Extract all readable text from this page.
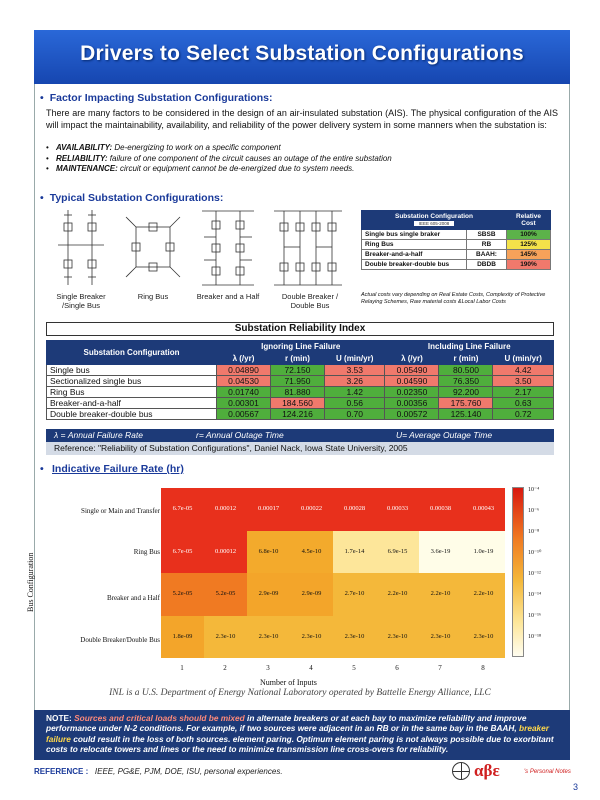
Drivers to Select Substation Configurations
• Factor Impacting Substation Configurations:
There are many factors to be considered in the design of an air-insulated substation (AIS). The physical configuration of the AIS will impact the maintainability, availability, and reliability of the power delivery system in some manners when the substation is:
• AVAILABILITY: De-energizing to work on a specific component
• RELIABILITY: failure of one component of the circuit causes an outage of the entire substation
• MAINTENANCE: circuit or equipment cannot be de-energized due to system needs.
• Typical Substation Configurations:
Single Breaker /Single Bus
Ring Bus	Breaker and a Half	Double Breaker / Double Bus
Substation Configuration
IEEE 605-2008		Relative Cost
Single bus single braker	SBSB	100%
Ring Bus	RB	125%
Breaker-and-a-half	BAAH:	145%
Double breaker-double bus	DBDB	190%
Actual costs vary depending on Real Estate Costs, Complexity of Protective Relaying Schemes, Raw material costs &Local Labor Costs
Substation Reliability Index
Substation Configuration	Ignoring Line Failure			Including Line Failure		
	λ (/yr)	r (min)	U (min/yr)	λ (/yr)	r (min)	U (min/yr)
Single bus	0.04890	72.150	3.53	0.05490	80.500	4.42
Sectionalized single bus	0.04530	71.950	3.26	0.04590	76.350	3.50
Ring Bus	0.01740	81.880	1.42	0.02350	92.200	2.17
Breaker-and-a-half	0.00301	184.560	0.56	0.00356	175.760	0.63
Double breaker-double bus	0.00567	124.216	0.70	0.00572	125.140	0.72
λ = Annual Failure Rate	r= Annual Outage Time	U= Average Outage Time
Reference: "Reliability of Substation Configurations", Daniel Nack, Iowa State University, 2005
• Indicative Failure Rate (hr)
Single or Main and Transfer
Ring Bus
Breaker and a Half
Double Breaker/Double Bus
6.7e-05	0.00012	0.00017	0.00022	0.00028	0.00033	0.00038	0.00043
6.7e-05	0.00012	6.8e-10	4.5e-10	1.7e-14	6.9e-15	3.6e-19	1.0e-19
5.2e-05	5.2e-05	2.9e-09	2.9e-09	2.7e-10	2.2e-10	2.2e-10	2.2e-10
1.8e-09	2.3e-10	2.3e-10	2.3e-10	2.3e-10	2.3e-10	2.3e-10	2.3e-10
Bus Configuration
1	2	3	4	5	6	7	8
Number of Inputs
10⁻⁴
10⁻⁶
10⁻⁸
10⁻¹⁰
10⁻¹²
10⁻¹⁴
10⁻¹⁶
10⁻¹⁸
INL is a U.S. Department of Energy National Laboratory operated by Battelle Energy Alliance, LLC
NOTE: Sources and critical loads should be mixed in alternate breakers or at each bay to maximize reliability and improve performance under N-2 conditions. For example, if two sources were adjacent in an RB or in the same bay in the BAAH, breaker failure could result in the loss of both sources. element paring. Optimum element paring is not always possible due to exorbitant costs to relocate towers and lines or the need to minimize transmission line cross-overs for reliability.
REFERENCE : IEEE, PG&E, PJM, DOE, ISU, personal experiences.	αβε	's Personal Notes
3
